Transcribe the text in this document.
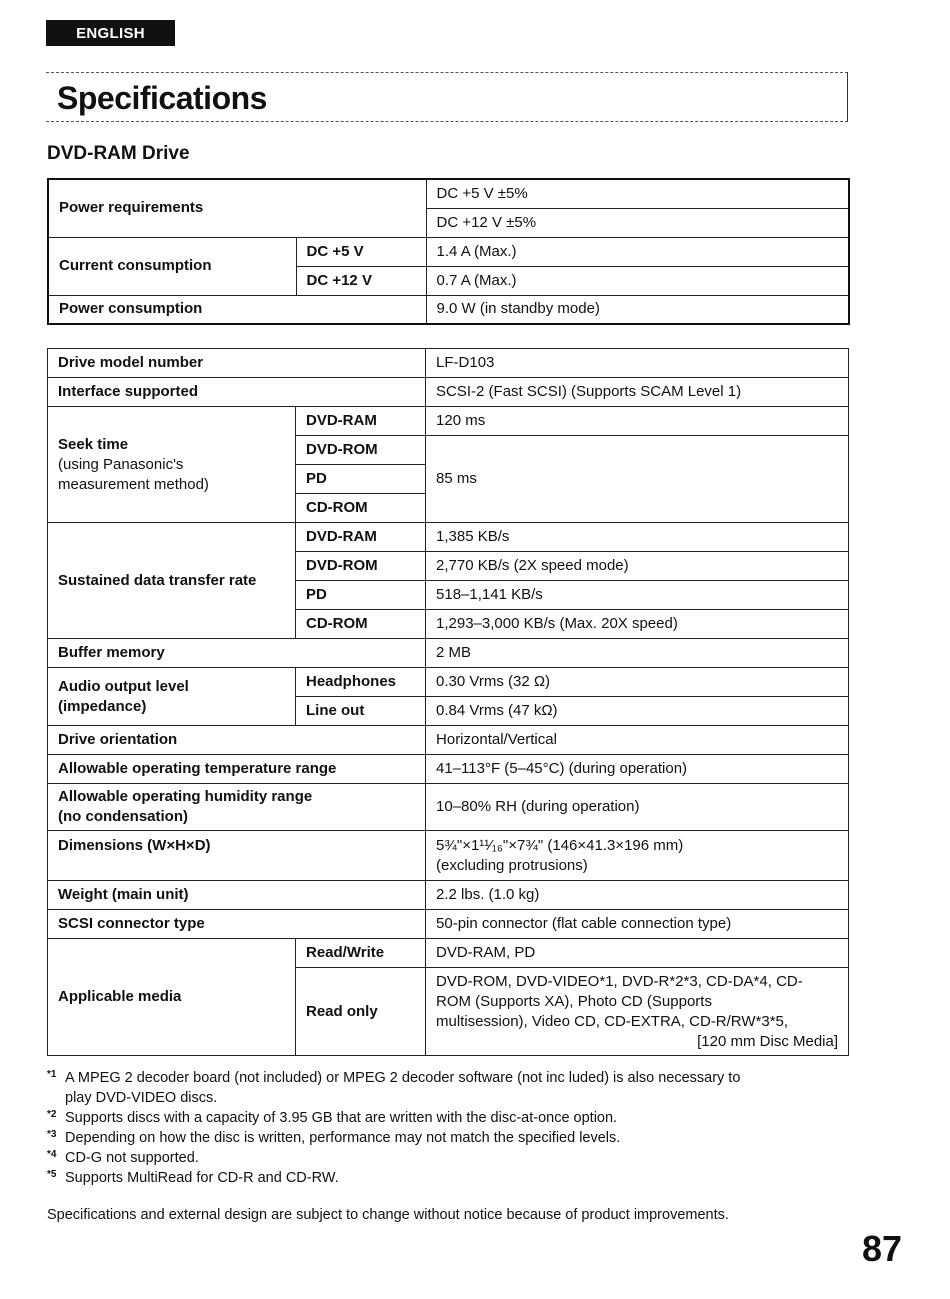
ENGLISH
Specifications
DVD-RAM Drive
Power requirements		DC +5 V ±5%
		DC +12 V ±5%
Current consumption	DC +5 V	1.4 A (Max.)
	DC +12 V	0.7 A (Max.)
Power consumption		9.0 W (in standby mode)
Drive model number		LF-D103
Interface supported		SCSI-2 (Fast SCSI) (Supports SCAM Level 1)

Seek time
(using Panasonic's
measurement method)	DVD-RAM	120 ms
	DVD-ROM	85 ms
	PD	
	CD-ROM	
Sustained data transfer rate	DVD-RAM	1,385 KB/s
	DVD-ROM	2,770 KB/s (2X speed mode)
	PD	518–1,141 KB/s
	CD-ROM	1,293–3,000 KB/s (Max. 20X speed)
Buffer memory		2 MB

Audio output level
(impedance)	Headphones	0.30 Vrms (32 Ω)
	Line out	0.84 Vrms (47 kΩ)
Drive orientation		Horizontal/Vertical
Allowable operating temperature range		41–113°F (5–45°C) (during operation)

Allowable operating humidity range
(no condensation)		10–80% RH (during operation)
Dimensions (W×H×D)		5¾"×1¹¹⁄₁₆"×7¾" (146×41.3×196 mm)
(excluding protrusions)

Weight (main unit)		2.2 lbs. (1.0 kg)
SCSI connector type		50-pin connector (flat cable connection type)
Applicable media	Read/Write	DVD-RAM, PD
	Read only	DVD-ROM, DVD-VIDEO*1, DVD-R*2*3, CD-DA*4, CD-
ROM (Supports XA), Photo CD (Supports
multisession), Video CD, CD-EXTRA, CD-R/RW*3*5,
[120 mm Disc Media]
*1 A MPEG 2 decoder board (not included) or MPEG 2 decoder software (not inc luded) is also necessary to
play DVD-VIDEO discs.
*2 Supports discs with a capacity of 3.95 GB that are written with the disc-at-once option.
*3 Depending on how the disc is written, performance may not match the specified levels.
*4 CD-G not supported.
*5 Supports MultiRead for CD-R and CD-RW.
Specifications and external design are subject to change without notice because of product improvements.
87
